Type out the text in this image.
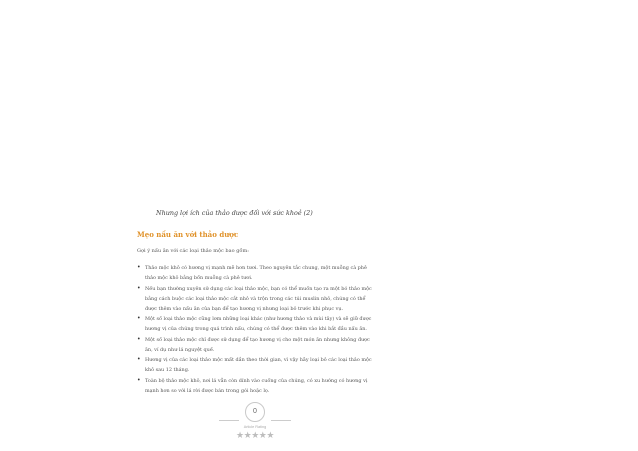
Nhưng lợi ích của thảo dược đối với sức khoẻ (2)
Mẹo nấu ăn với thảo dược
Gợi ý nấu ăn với các loại thảo mộc bao gồm:
• Thảo mộc khô có hương vị mạnh mẽ hơn tươi. Theo nguyên tắc chung, một muỗng cà phê thảo mộc khô bằng bốn muỗng cà phê tươi.
• Nếu bạn thường xuyên sử dụng các loại thảo mộc, bạn có thể muốn tạo ra một bó thảo mộc bằng cách buộc các loại thảo mộc cắt nhỏ và trộn trong các túi muslin nhỏ, chúng có thể được thêm vào nấu ăn của bạn để tạo hương vị nhưng loại bỏ trước khi phục vụ.
• Một số loại thảo mộc cũng lơm những loại khác (như hương thảo và mùi tây) và sẽ giữ được hương vị của chúng trong quá trình nấu, chúng có thể được thêm vào khi bắt đầu nấu ăn.
• Một số loại thảo mộc chỉ được sử dụng để tạo hương vị cho một món ăn nhưng không được ăn, ví dụ như lá nguyệt quế.
• Hương vị của các loại thảo mộc mất dần theo thời gian, vì vậy hãy loại bỏ các loại thảo mộc khô sau 12 tháng.
• Toàn bộ thảo mộc khô, nơi lá vẫn còn dính vào cuống của chúng, có xu hướng có hương vị mạnh hơn so với lá rời được bán trong gói hoặc lọ.
0
Article Rating
★★★★★
